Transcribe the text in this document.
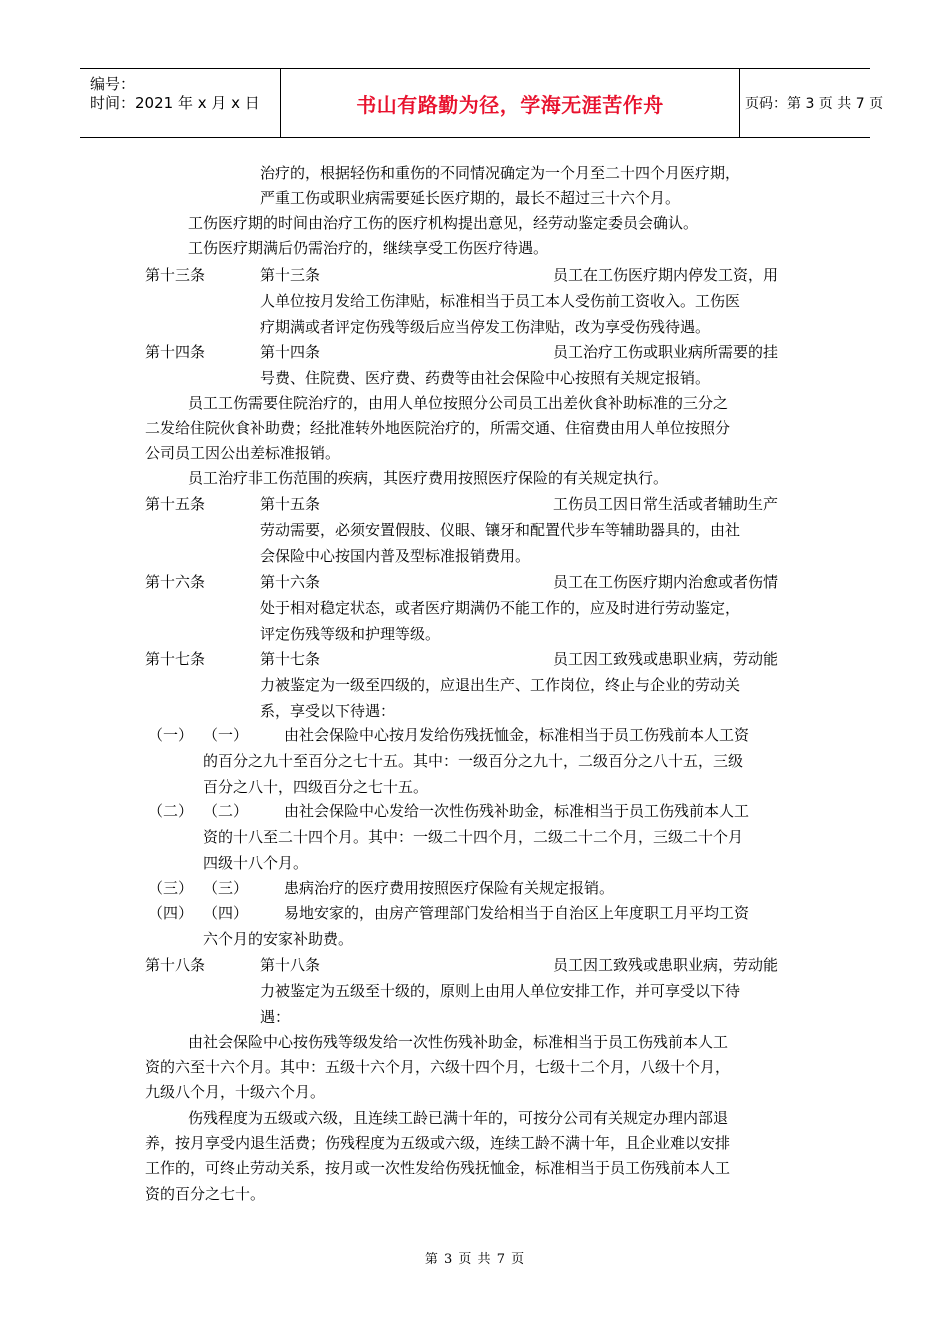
编号：
时间：2021 年 x 月 x 日	书山有路勤为径，学海无涯苦作舟	页码：第 3 页 共 7 页
治疗的，根据轻伤和重伤的不同情况确定为一个月至二十四个月医疗期，
严重工伤或职业病需要延长医疗期的，最长不超过三十六个月。
工伤医疗期的时间由治疗工伤的医疗机构提出意见，经劳动鉴定委员会确认。
工伤医疗期满后仍需治疗的，继续享受工伤医疗待遇。
第十三条	第十三条	员工在工伤医疗期内停发工资，用
人单位按月发给工伤津贴，标准相当于员工本人受伤前工资收入。工伤医
疗期满或者评定伤残等级后应当停发工伤津贴，改为享受伤残待遇。
第十四条	第十四条	员工治疗工伤或职业病所需要的挂
号费、住院费、医疗费、药费等由社会保险中心按照有关规定报销。
员工工伤需要住院治疗的，由用人单位按照分公司员工出差伙食补助标准的三分之
二发给住院伙食补助费；经批准转外地医院治疗的，所需交通、住宿费由用人单位按照分
公司员工因公出差标准报销。
员工治疗非工伤范围的疾病，其医疗费用按照医疗保险的有关规定执行。
第十五条	第十五条	工伤员工因日常生活或者辅助生产
劳动需要，必须安置假肢、仪眼、镶牙和配置代步车等辅助器具的，由社
会保险中心按国内普及型标准报销费用。
第十六条	第十六条	员工在工伤医疗期内治愈或者伤情
处于相对稳定状态，或者医疗期满仍不能工作的，应及时进行劳动鉴定，
评定伤残等级和护理等级。
第十七条	第十七条	员工因工致残或患职业病，劳动能
力被鉴定为一级至四级的，应退出生产、工作岗位，终止与企业的劳动关
系，享受以下待遇：
（一） （一） 由社会保险中心按月发给伤残抚恤金，标准相当于员工伤残前本人工资
的百分之九十至百分之七十五。其中：一级百分之九十，二级百分之八十五，三级
百分之八十，四级百分之七十五。
（二） （二） 由社会保险中心发给一次性伤残补助金，标准相当于员工伤残前本人工
资的十八至二十四个月。其中：一级二十四个月，二级二十二个月，三级二十个月
四级十八个月。
（三） （三） 患病治疗的医疗费用按照医疗保险有关规定报销。
（四） （四） 易地安家的，由房产管理部门发给相当于自治区上年度职工月平均工资
六个月的安家补助费。
第十八条	第十八条	员工因工致残或患职业病，劳动能
力被鉴定为五级至十级的，原则上由用人单位安排工作，并可享受以下待
遇：
由社会保险中心按伤残等级发给一次性伤残补助金，标准相当于员工伤残前本人工
资的六至十六个月。其中：五级十六个月，六级十四个月，七级十二个月，八级十个月，
九级八个月，十级六个月。
伤残程度为五级或六级，且连续工龄已满十年的，可按分公司有关规定办理内部退
养，按月享受内退生活费；伤残程度为五级或六级，连续工龄不满十年，且企业难以安排
工作的，可终止劳动关系，按月或一次性发给伤残抚恤金，标准相当于员工伤残前本人工
资的百分之七十。
第 3 页 共 7 页
